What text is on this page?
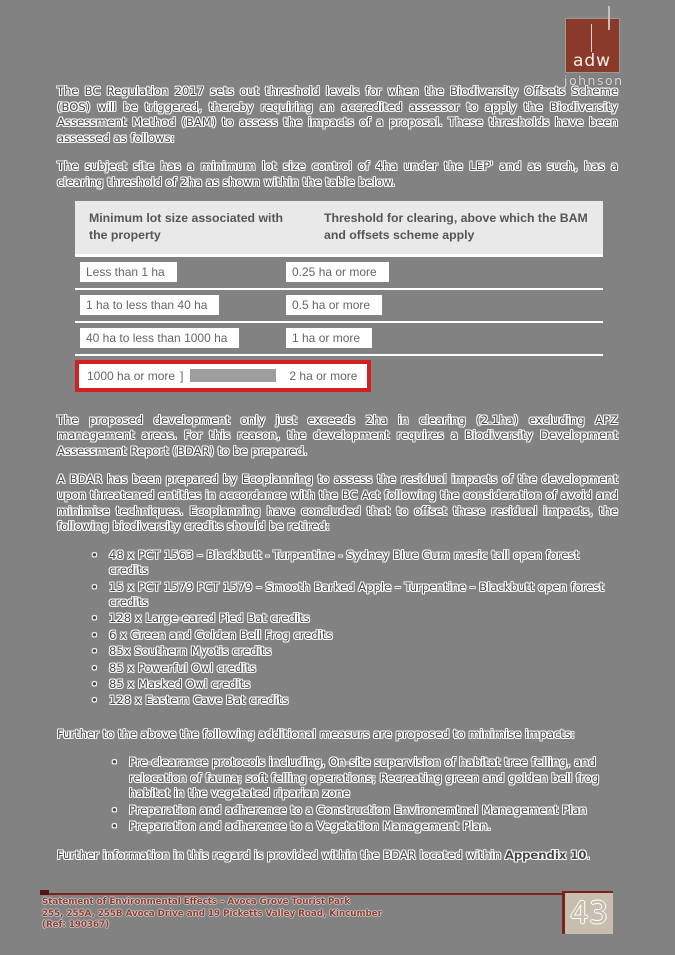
adw
johnson

The BC Regulation 2017 sets out threshold levels for when the Biodiversity Offsets Scheme (BOS) will be triggered, thereby requiring an accredited assessor to apply the Biodiversity Assessment Method (BAM) to assess the impacts of a proposal. These thresholds have been assessed as follows:

The subject site has a minimum lot size control of 4ha under the LEP' and as such, has a clearing threshold of 2ha as shown within the table below.

Minimum lot size associated with the property
Threshold for clearing, above which the BAM and offsets scheme apply
Less than 1 ha	0.25 ha or more
1 ha to less than 40 ha	0.5 ha or more
40 ha to less than 1000 ha	1 ha or more
1000 ha or more ]	2 ha or more

The proposed development only just exceeds 2ha in clearing (2.1ha) excluding APZ management areas. For this reason, the development requires a Biodiversity Development Assessment Report (BDAR) to be prepared.

A BDAR has been prepared by Ecoplanning to assess the residual impacts of the development upon threatened entities in accordance with the BC Act following the consideration of avoid and minimise techniques. Ecoplanning have concluded that to offset these residual impacts, the following biodiversity credits should be retired:

• 48 x PCT 1563 – Blackbutt - Turpentine - Sydney Blue Gum mesic tall open forest credits
• 15 x PCT 1579 PCT 1579 – Smooth Barked Apple – Turpentine – Blackbutt open forest credits
• 128 x Large-eared Pied Bat credits
• 6 x Green and Golden Bell Frog credits
• 85x Southern Myotis credits
• 85 x Powerful Owl credits
• 85 x Masked Owl credits
• 128 x Eastern Cave Bat credits

Further to the above the following additional measurs are proposed to minimise impacts:

• Pre-clearance protocols including, On-site supervision of habitat tree felling, and relocation of fauna; soft felling operations; Recreating green and golden bell frog habitat in the vegetated riparian zone
• Preparation and adherence to a Construction Environemtnal Management Plan
• Preparation and adherence to a Vegetation Management Plan.

Further information in this regard is provided within the BDAR located within Appendix 10.

Statement of Environmental Effects – Avoca Grove Tourist Park
255, 255A, 255B Avoca Drive and 19 Picketts Valley Road, Kincumber
(Ref: 190367)	43
